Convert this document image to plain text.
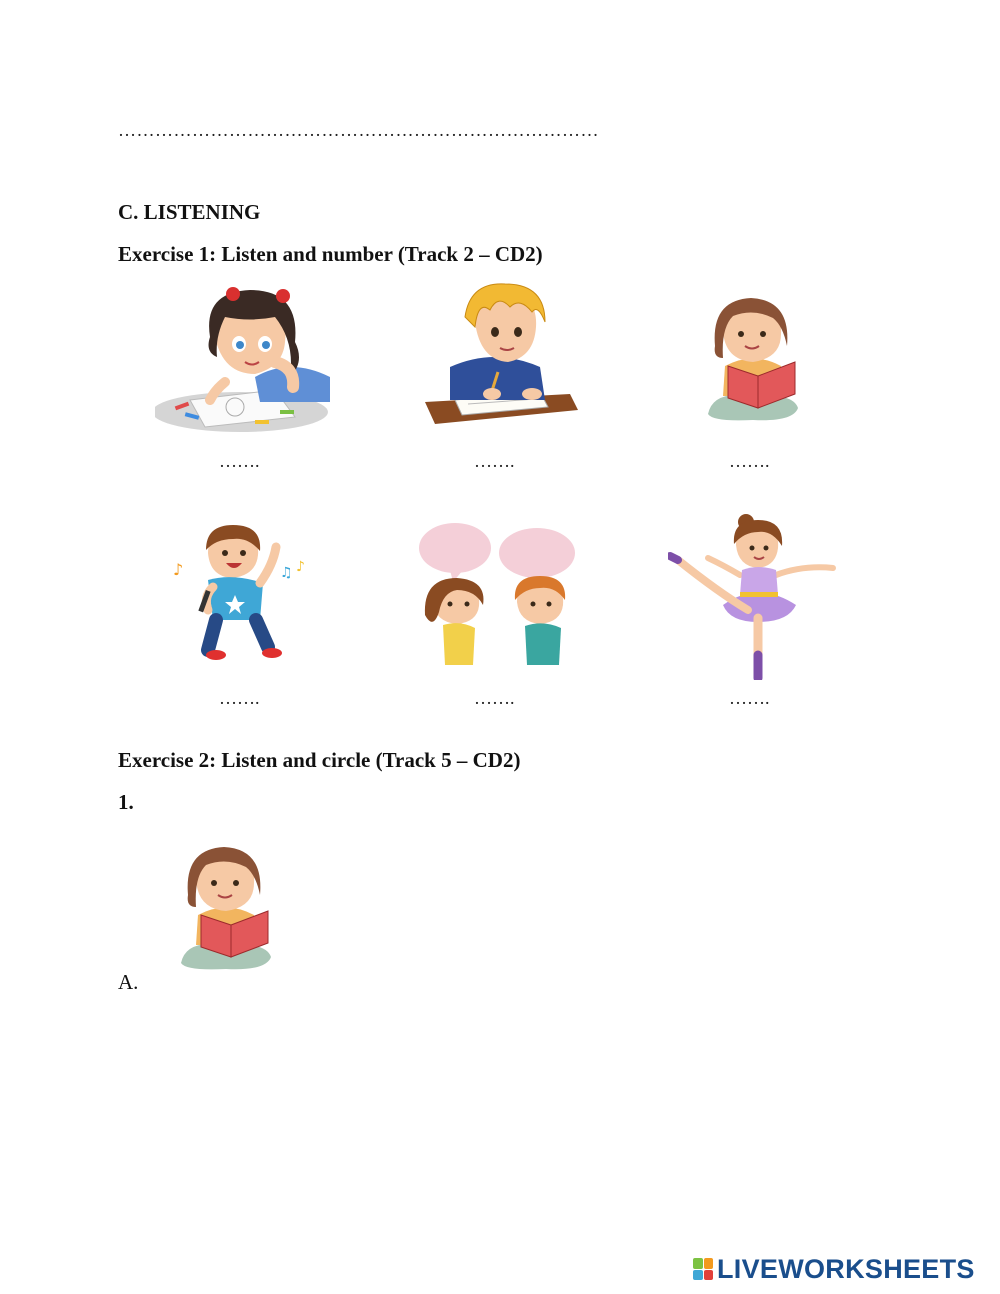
……………………………………………………………………
C. LISTENING
Exercise 1: Listen and number (Track 2 – CD2)
…….	…….	…….
♪	♫ ♪
…….	…….	…….
Exercise 2: Listen and circle (Track 5 – CD2)
1.
A.
LIVEWORKSHEETS
